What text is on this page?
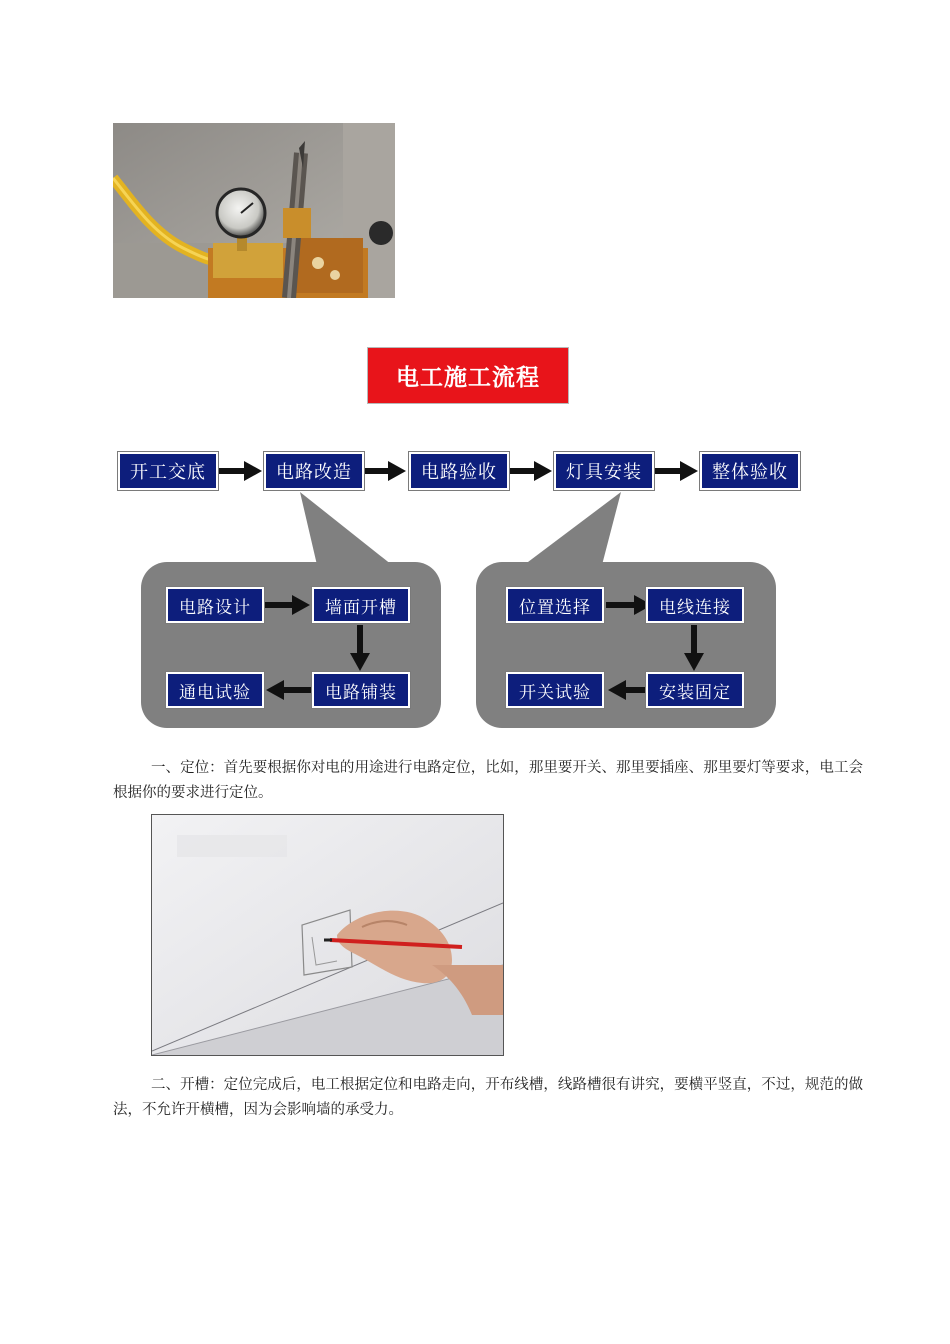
电工施工流程
开工交底	电路改造	电路验收	灯具安装	整体验收
电路设计	墙面开槽
电路铺装
通电试验
位置选择	电线连接
安装固定
开关试验
一、定位：首先要根据你对电的用途进行电路定位，比如，那里要开关、那里要插座、那里要灯等要求，电工会根据你的要求进行定位。
二、开槽：定位完成后，电工根据定位和电路走向，开布线槽，线路槽很有讲究，要横平竖直，不过，规范的做法，不允许开横槽，因为会影响墙的承受力。
